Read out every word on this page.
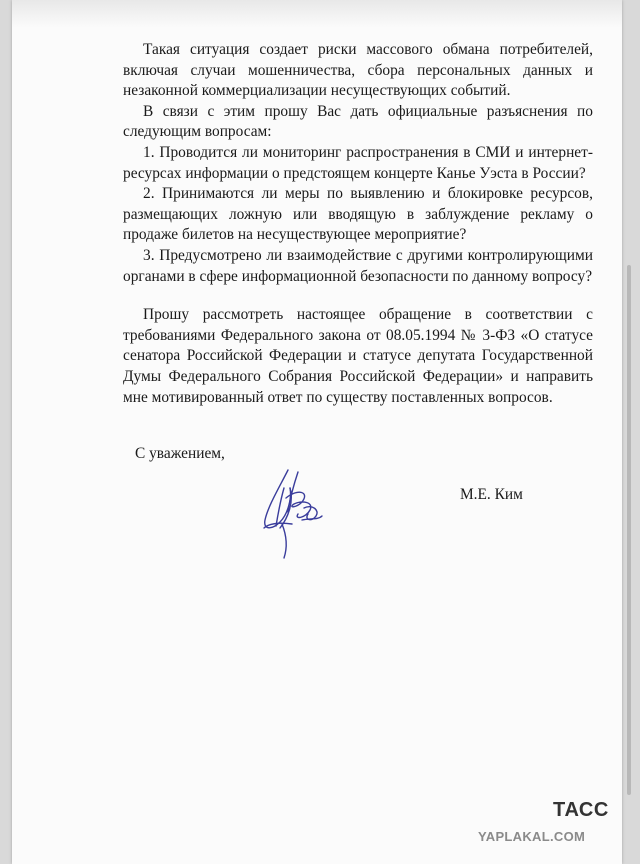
Такая ситуация создает риски массового обмана потребителей, включая случаи мошенничества, сбора персональных данных и незаконной коммерциализации несуществующих событий.

В связи с этим прошу Вас дать официальные разъяснения по следующим вопросам:

1. Проводится ли мониторинг распространения в СМИ и интернет-ресурсах информации о предстоящем концерте Канье Уэста в России?

2. Принимаются ли меры по выявлению и блокировке ресурсов, размещающих ложную или вводящую в заблуждение рекламу о продаже билетов на несуществующее мероприятие?

3. Предусмотрено ли взаимодействие с другими контролирующими органами в сфере информационной безопасности по данному вопросу?

Прошу рассмотреть настоящее обращение в соответствии с требованиями Федерального закона от 08.05.1994 № 3-ФЗ «О статусе сенатора Российской Федерации и статусе депутата Государственной Думы Федерального Собрания Российской Федерации» и направить мне мотивированный ответ по существу поставленных вопросов.

С уважением,
М.Е. Ким
ТАСС
YAPLAKAL.COM
